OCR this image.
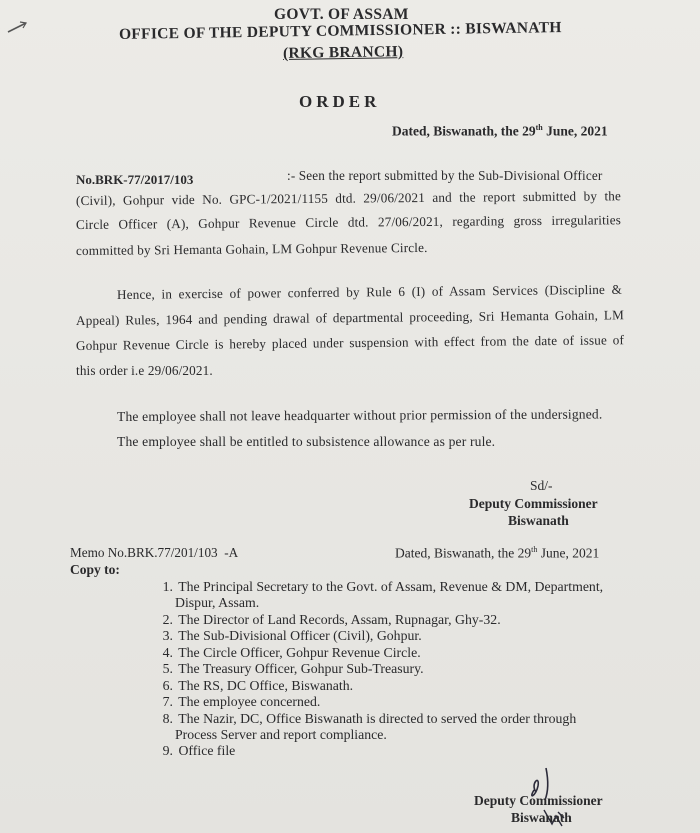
GOVT. OF ASSAM
OFFICE OF THE DEPUTY COMMISSIONER :: BISWANATH
(RKG BRANCH)
ORDER
Dated, Biswanath, the 29th June, 2021
No.BRK-77/2017/103	:- Seen the report submitted by the Sub-Divisional Officer
(Civil), Gohpur vide No. GPC-1/2021/1155 dtd. 29/06/2021 and the report submitted by the
Circle Officer (A), Gohpur Revenue Circle dtd. 27/06/2021, regarding gross irregularities
committed by Sri Hemanta Gohain, LM Gohpur Revenue Circle.
Hence, in exercise of power conferred by Rule 6 (I) of Assam Services (Discipline &
Appeal) Rules, 1964 and pending drawal of departmental proceeding, Sri Hemanta Gohain, LM
Gohpur Revenue Circle is hereby placed under suspension with effect from the date of issue of
this order i.e 29/06/2021.
The employee shall not leave headquarter without prior permission of the undersigned.
The employee shall be entitled to subsistence allowance as per rule.
Sd/-
Deputy Commissioner
Biswanath
Memo No.BRK.77/201/103  -A	Dated, Biswanath, the 29th June, 2021
Copy to:
1. The Principal Secretary to the Govt. of Assam, Revenue & DM, Department,
Dispur, Assam.
2. The Director of Land Records, Assam, Rupnagar, Ghy-32.
3. The Sub-Divisional Officer (Civil), Gohpur.
4. The Circle Officer, Gohpur Revenue Circle.
5. The Treasury Officer, Gohpur Sub-Treasury.
6. The RS, DC Office, Biswanath.
7. The employee concerned.
8. The Nazir, DC, Office Biswanath is directed to served the order through
Process Server and report compliance.
9. Office file
Deputy Commissioner
Biswanath
